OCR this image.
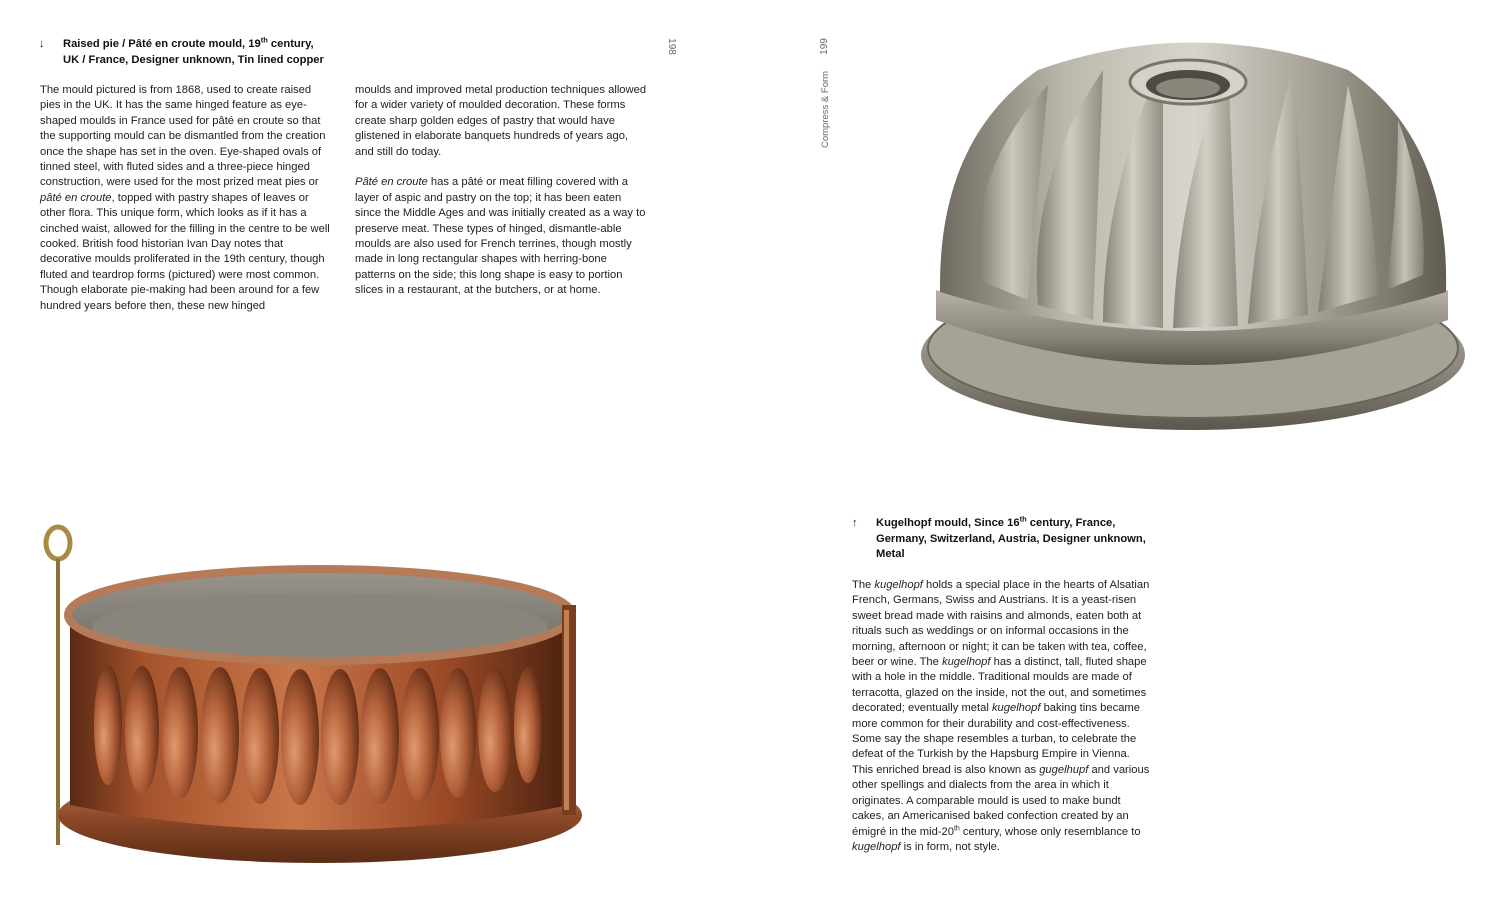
↓ Raised pie / Pâté en croute mould, 19th century,
UK / France, Designer unknown, Tin lined copper

The mould pictured is from 1868, used to create raised pies in the UK. It has the same hinged feature as eye-shaped moulds in France used for pâté en croute so that the supporting mould can be dismantled from the creation once the shape has set in the oven. Eye-shaped ovals of tinned steel, with fluted sides and a three-piece hinged construction, were used for the most prized meat pies or pâté en croute, topped with pastry shapes of leaves or other flora. This unique form, which looks as if it has a cinched waist, allowed for the filling in the centre to be well cooked. British food historian Ivan Day notes that decorative moulds proliferated in the 19th century, though fluted and teardrop forms (pictured) were most common. Though elaborate pie-making had been around for a few hundred years before then, these new hinged

moulds and improved metal production techniques allowed for a wider variety of moulded decoration. These forms create sharp golden edges of pastry that would have glistened in elaborate banquets hundreds of years ago, and still do today.

Pâté en croute has a pâté or meat filling covered with a layer of aspic and pastry on the top; it has been eaten since the Middle Ages and was initially created as a way to preserve meat. These types of hinged, dismantle-able moulds are also used for French terrines, though mostly made in long rectangular shapes with herring-bone patterns on the side; this long shape is easy to portion slices in a restaurant, at the butchers, or at home.

198	199
Compress & Form
↑ Kugelhopf mould, Since 16th century, France,
Germany, Switzerland, Austria, Designer unknown,
Metal

The kugelhopf holds a special place in the hearts of Alsatian French, Germans, Swiss and Austrians. It is a yeast-risen sweet bread made with raisins and almonds, eaten both at rituals such as weddings or on informal occasions in the morning, afternoon or night; it can be taken with tea, coffee, beer or wine. The kugelhopf has a distinct, tall, fluted shape with a hole in the middle. Traditional moulds are made of terracotta, glazed on the inside, not the out, and sometimes decorated; eventually metal kugelhopf baking tins became more common for their durability and cost-effectiveness. Some say the shape resembles a turban, to celebrate the defeat of the Turkish by the Hapsburg Empire in Vienna. This enriched bread is also known as gugelhupf and various other spellings and dialects from the area in which it originates. A comparable mould is used to make bundt cakes, an Americanised baked confection created by an émigré in the mid-20th century, whose only resemblance to kugelhopf is in form, not style.
